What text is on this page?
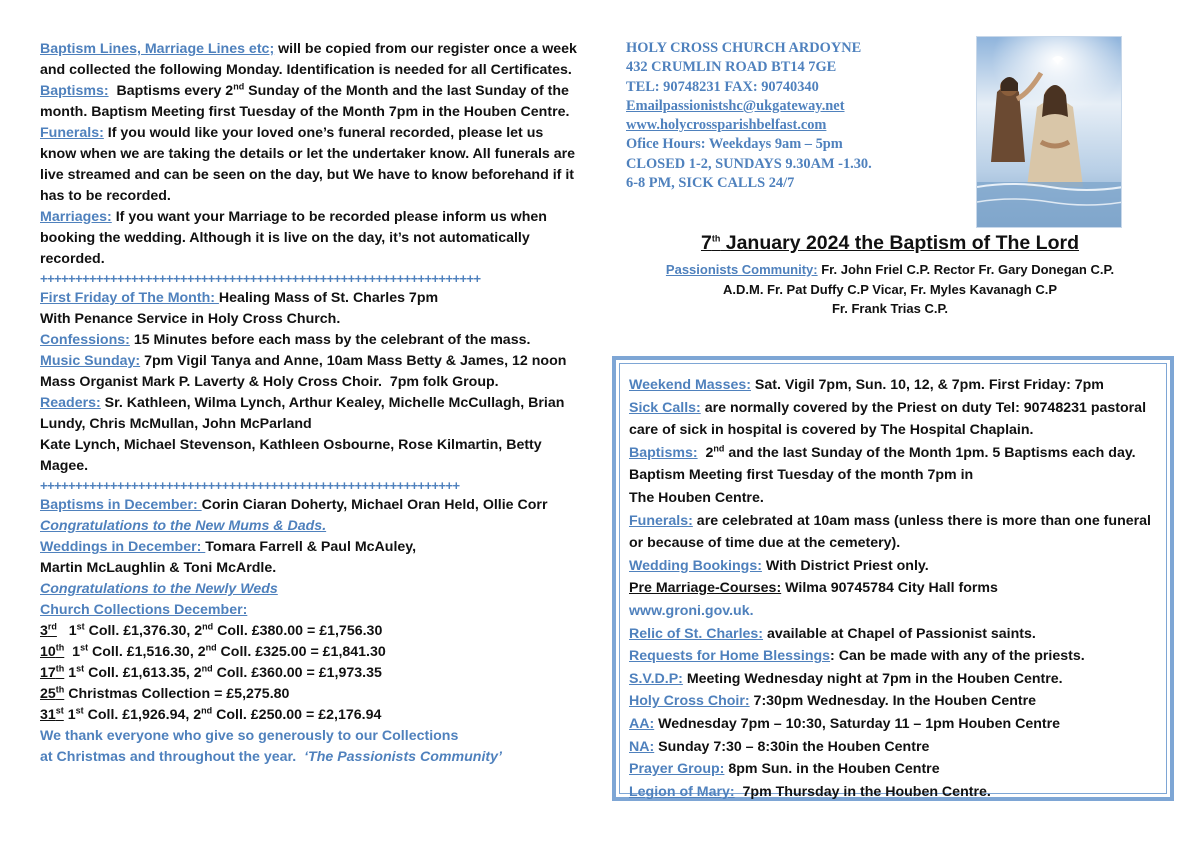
Baptism Lines, Marriage Lines etc; will be copied from our register once a week and collected the following Monday. Identification is needed for all Certificates.

Baptisms:  Baptisms every 2nd Sunday of the Month and the last Sunday of the month. Baptism Meeting first Tuesday of the Month 7pm in the Houben Centre.

Funerals: If you would like your loved one’s funeral recorded, please let us know when we are taking the details or let the undertaker know. All funerals are live streamed and can be seen on the day, but We have to know beforehand if it has to be recorded.

Marriages: If you want your Marriage to be recorded please inform us when booking the wedding. Although it is live on the day, it’s not automatically recorded.

+++++++++++++++++++++++++++++++++++++++++++++++++++++++++++++++

First Friday of The Month: Healing Mass of St. Charles 7pm

With Penance Service in Holy Cross Church.

Confessions: 15 Minutes before each mass by the celebrant of the mass.

Music Sunday: 7pm Vigil Tanya and Anne, 10am Mass Betty & James, 12 noon Mass Organist Mark P. Laverty & Holy Cross Choir.  7pm folk Group.

Readers: Sr. Kathleen, Wilma Lynch, Arthur Kealey, Michelle McCullagh, Brian Lundy, Chris McMullan, John McParland

Kate Lynch, Michael Stevenson, Kathleen Osbourne, Rose Kilmartin, Betty Magee.

++++++++++++++++++++++++++++++++++++++++++++++++++++++++++++

Baptisms in December: Corin Ciaran Doherty, Michael Oran Held, Ollie Corr

Congratulations to the New Mums & Dads.

Weddings in December: Tomara Farrell & Paul McAuley,

Martin McLaughlin & Toni McArdle.

Congratulations to the Newly Weds

Church Collections December:

3rd 1st Coll. £1,376.30, 2nd Coll. £380.00 = £1,756.30

10th 1st Coll. £1,516.30, 2nd Coll. £325.00 = £1,841.30

17th 1st Coll. £1,613.35, 2nd Coll. £360.00 = £1,973.35

25th Christmas Collection = £5,275.80

31st 1st Coll. £1,926.94, 2nd Coll. £250.00 = £2,176.94

We thank everyone who give so generously to our Collections

at Christmas and throughout the year.  ‘The Passionists Community’

HOLY CROSS CHURCH ARDOYNE
432 CRUMLIN ROAD BT14 7GE
TEL: 90748231 FAX: 90740340
Emailpassionistshc@ukgateway.net
www.holycrossparishbelfast.com
Ofice Hours: Weekdays 9am – 5pm
CLOSED 1-2, SUNDAYS 9.30AM -1.30.
6-8 PM, SICK CALLS 24/7
7th January 2024 the Baptism of The Lord
Passionists Community: Fr. John Friel C.P. Rector Fr. Gary Donegan C.P.
A.D.M. Fr. Pat Duffy C.P Vicar, Fr. Myles Kavanagh C.P
Fr. Frank Trias C.P.

Weekend Masses: Sat. Vigil 7pm, Sun. 10, 12, & 7pm. First Friday: 7pm

Sick Calls: are normally covered by the Priest on duty Tel: 90748231 pastoral care of sick in hospital is covered by The Hospital Chaplain.

Baptisms:  2nd and the last Sunday of the Month 1pm. 5 Baptisms each day.  Baptism Meeting first Tuesday of the month 7pm in

The Houben Centre.

Funerals: are celebrated at 10am mass (unless there is more than one funeral or because of time due at the cemetery).

Wedding Bookings: With District Priest only.

Pre Marriage-Courses: Wilma 90745784 City Hall forms

www.groni.gov.uk.

Relic of St. Charles: available at Chapel of Passionist saints.

Requests for Home Blessings: Can be made with any of the priests.

S.V.D.P: Meeting Wednesday night at 7pm in the Houben Centre.

Holy Cross Choir: 7:30pm Wednesday. In the Houben Centre

AA: Wednesday 7pm – 10:30, Saturday 11 – 1pm Houben Centre

NA: Sunday 7:30 – 8:30in the Houben Centre

Prayer Group: 8pm Sun. in the Houben Centre

Legion of Mary:  7pm Thursday in the Houben Centre.
